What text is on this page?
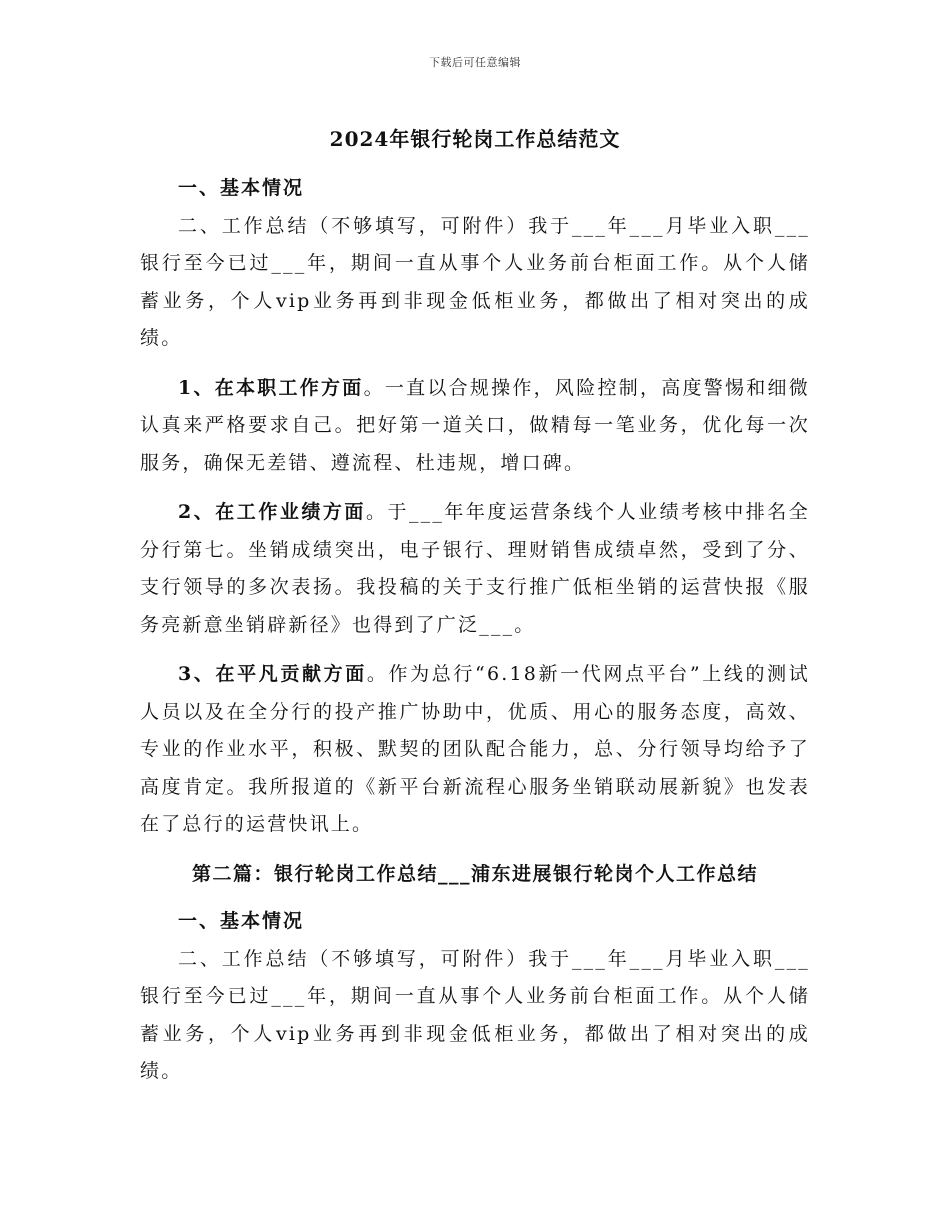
下载后可任意编辑
2024年银行轮岗工作总结范文

一、基本情况

二、工作总结（不够填写，可附件）我于___年___月毕业入职___银行至今已过___年，期间一直从事个人业务前台柜面工作。从个人储蓄业务，个人vip业务再到非现金低柜业务，都做出了相对突出的成绩。

1、在本职工作方面。一直以合规操作，风险控制，高度警惕和细微认真来严格要求自己。把好第一道关口，做精每一笔业务，优化每一次服务，确保无差错、遵流程、杜违规，增口碑。

2、在工作业绩方面。于___年年度运营条线个人业绩考核中排名全分行第七。坐销成绩突出，电子银行、理财销售成绩卓然，受到了分、支行领导的多次表扬。我投稿的关于支行推广低柜坐销的运营快报《服务亮新意坐销辟新径》也得到了广泛___。

3、在平凡贡献方面。作为总行“6.18新一代网点平台”上线的测试人员以及在全分行的投产推广协助中，优质、用心的服务态度，高效、专业的作业水平，积极、默契的团队配合能力，总、分行领导均给予了高度肯定。我所报道的《新平台新流程心服务坐销联动展新貌》也发表在了总行的运营快讯上。

第二篇：银行轮岗工作总结___浦东进展银行轮岗个人工作总结

一、基本情况

二、工作总结（不够填写，可附件）我于___年___月毕业入职___银行至今已过___年，期间一直从事个人业务前台柜面工作。从个人储蓄业务，个人vip业务再到非现金低柜业务，都做出了相对突出的成绩。
